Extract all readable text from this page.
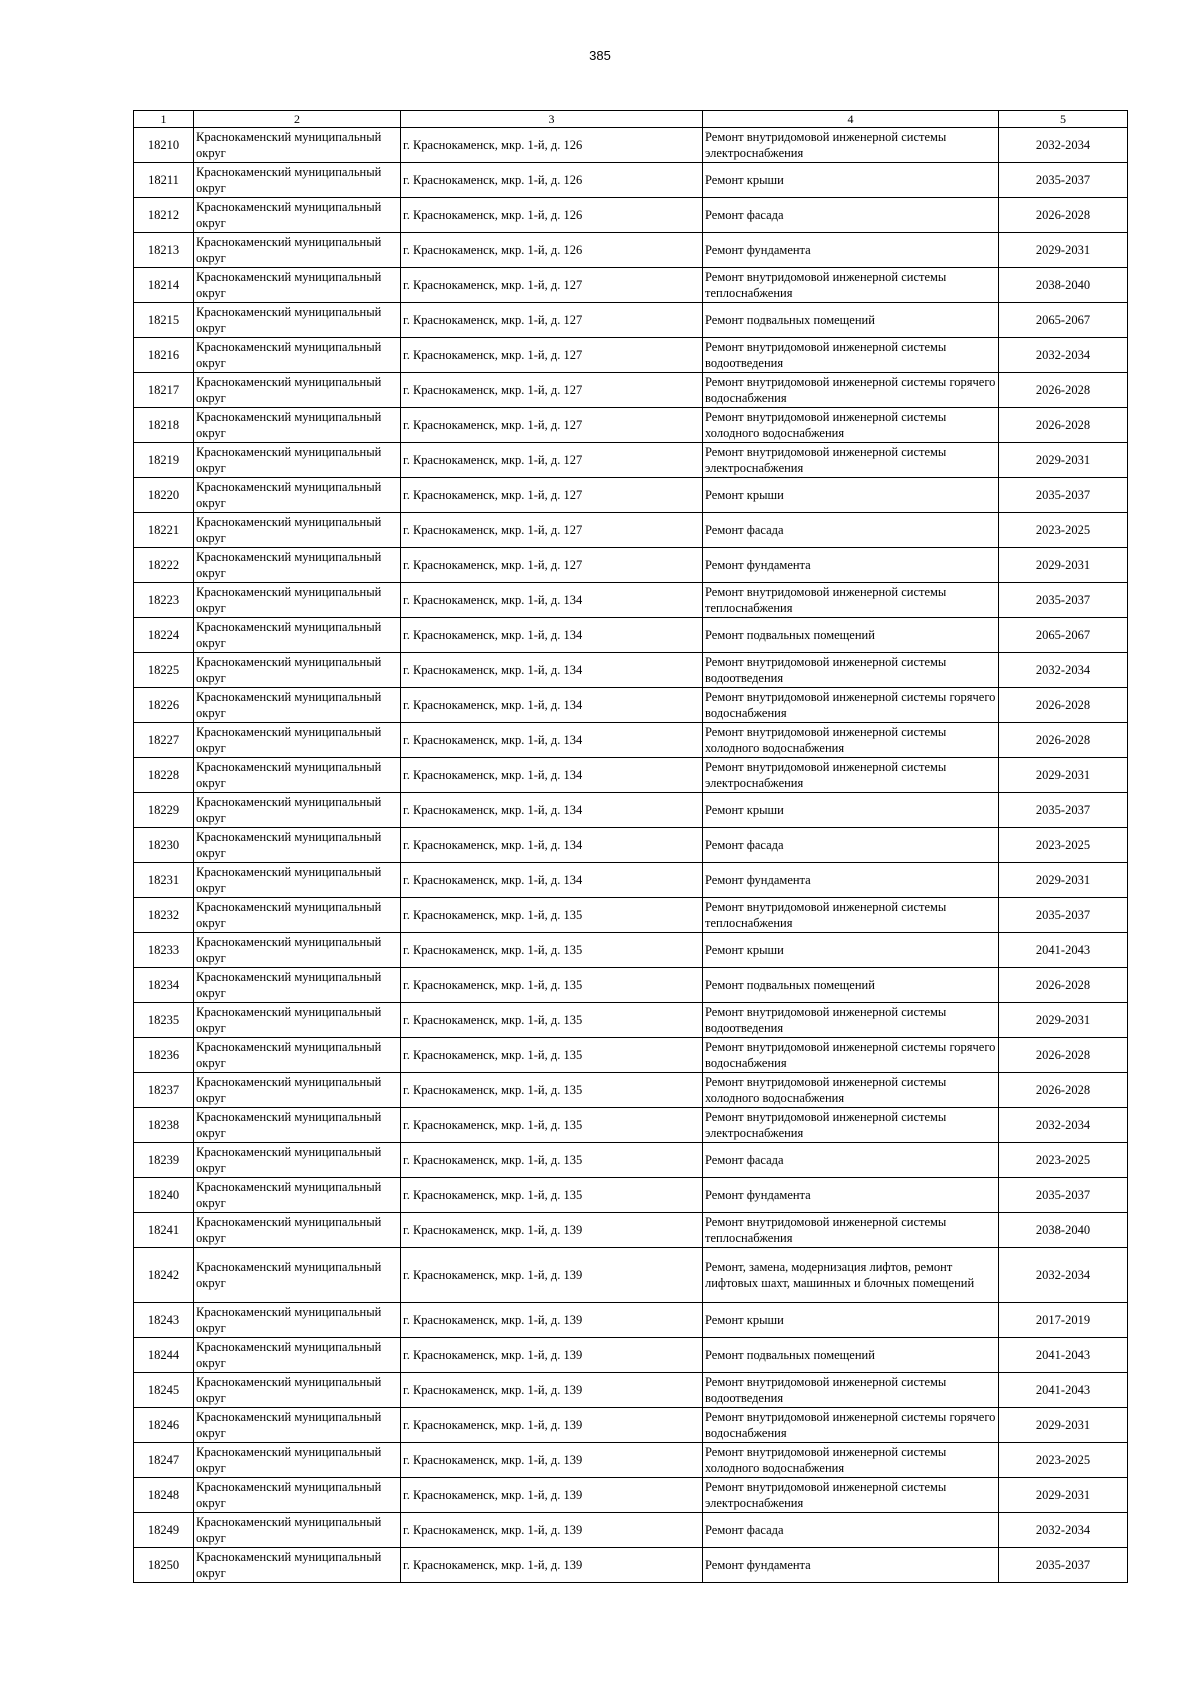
385
1	2	3	4	5
18210	Краснокаменский муниципальный округ	г. Краснокаменск, мкр. 1-й, д. 126	Ремонт внутридомовой инженерной системы электроснабжения	2032-2034
18211	Краснокаменский муниципальный округ	г. Краснокаменск, мкр. 1-й, д. 126	Ремонт крыши	2035-2037
18212	Краснокаменский муниципальный округ	г. Краснокаменск, мкр. 1-й, д. 126	Ремонт фасада	2026-2028
18213	Краснокаменский муниципальный округ	г. Краснокаменск, мкр. 1-й, д. 126	Ремонт фундамента	2029-2031
18214	Краснокаменский муниципальный округ	г. Краснокаменск, мкр. 1-й, д. 127	Ремонт внутридомовой инженерной системы теплоснабжения	2038-2040
18215	Краснокаменский муниципальный округ	г. Краснокаменск, мкр. 1-й, д. 127	Ремонт подвальных помещений	2065-2067
18216	Краснокаменский муниципальный округ	г. Краснокаменск, мкр. 1-й, д. 127	Ремонт внутридомовой инженерной системы водоотведения	2032-2034
18217	Краснокаменский муниципальный округ	г. Краснокаменск, мкр. 1-й, д. 127	Ремонт внутридомовой инженерной системы горячего водоснабжения	2026-2028
18218	Краснокаменский муниципальный округ	г. Краснокаменск, мкр. 1-й, д. 127	Ремонт внутридомовой инженерной системы холодного водоснабжения	2026-2028
18219	Краснокаменский муниципальный округ	г. Краснокаменск, мкр. 1-й, д. 127	Ремонт внутридомовой инженерной системы электроснабжения	2029-2031
18220	Краснокаменский муниципальный округ	г. Краснокаменск, мкр. 1-й, д. 127	Ремонт крыши	2035-2037
18221	Краснокаменский муниципальный округ	г. Краснокаменск, мкр. 1-й, д. 127	Ремонт фасада	2023-2025
18222	Краснокаменский муниципальный округ	г. Краснокаменск, мкр. 1-й, д. 127	Ремонт фундамента	2029-2031
18223	Краснокаменский муниципальный округ	г. Краснокаменск, мкр. 1-й, д. 134	Ремонт внутридомовой инженерной системы теплоснабжения	2035-2037
18224	Краснокаменский муниципальный округ	г. Краснокаменск, мкр. 1-й, д. 134	Ремонт подвальных помещений	2065-2067
18225	Краснокаменский муниципальный округ	г. Краснокаменск, мкр. 1-й, д. 134	Ремонт внутридомовой инженерной системы водоотведения	2032-2034
18226	Краснокаменский муниципальный округ	г. Краснокаменск, мкр. 1-й, д. 134	Ремонт внутридомовой инженерной системы горячего водоснабжения	2026-2028
18227	Краснокаменский муниципальный округ	г. Краснокаменск, мкр. 1-й, д. 134	Ремонт внутридомовой инженерной системы холодного водоснабжения	2026-2028
18228	Краснокаменский муниципальный округ	г. Краснокаменск, мкр. 1-й, д. 134	Ремонт внутридомовой инженерной системы электроснабжения	2029-2031
18229	Краснокаменский муниципальный округ	г. Краснокаменск, мкр. 1-й, д. 134	Ремонт крыши	2035-2037
18230	Краснокаменский муниципальный округ	г. Краснокаменск, мкр. 1-й, д. 134	Ремонт фасада	2023-2025
18231	Краснокаменский муниципальный округ	г. Краснокаменск, мкр. 1-й, д. 134	Ремонт фундамента	2029-2031
18232	Краснокаменский муниципальный округ	г. Краснокаменск, мкр. 1-й, д. 135	Ремонт внутридомовой инженерной системы теплоснабжения	2035-2037
18233	Краснокаменский муниципальный округ	г. Краснокаменск, мкр. 1-й, д. 135	Ремонт крыши	2041-2043
18234	Краснокаменский муниципальный округ	г. Краснокаменск, мкр. 1-й, д. 135	Ремонт подвальных помещений	2026-2028
18235	Краснокаменский муниципальный округ	г. Краснокаменск, мкр. 1-й, д. 135	Ремонт внутридомовой инженерной системы водоотведения	2029-2031
18236	Краснокаменский муниципальный округ	г. Краснокаменск, мкр. 1-й, д. 135	Ремонт внутридомовой инженерной системы горячего водоснабжения	2026-2028
18237	Краснокаменский муниципальный округ	г. Краснокаменск, мкр. 1-й, д. 135	Ремонт внутридомовой инженерной системы холодного водоснабжения	2026-2028
18238	Краснокаменский муниципальный округ	г. Краснокаменск, мкр. 1-й, д. 135	Ремонт внутридомовой инженерной системы электроснабжения	2032-2034
18239	Краснокаменский муниципальный округ	г. Краснокаменск, мкр. 1-й, д. 135	Ремонт фасада	2023-2025
18240	Краснокаменский муниципальный округ	г. Краснокаменск, мкр. 1-й, д. 135	Ремонт фундамента	2035-2037
18241	Краснокаменский муниципальный округ	г. Краснокаменск, мкр. 1-й, д. 139	Ремонт внутридомовой инженерной системы теплоснабжения	2038-2040
18242	Краснокаменский муниципальный округ	г. Краснокаменск, мкр. 1-й, д. 139	Ремонт, замена, модернизация лифтов, ремонт лифтовых шахт, машинных и блочных помещений	2032-2034
18243	Краснокаменский муниципальный округ	г. Краснокаменск, мкр. 1-й, д. 139	Ремонт крыши	2017-2019
18244	Краснокаменский муниципальный округ	г. Краснокаменск, мкр. 1-й, д. 139	Ремонт подвальных помещений	2041-2043
18245	Краснокаменский муниципальный округ	г. Краснокаменск, мкр. 1-й, д. 139	Ремонт внутридомовой инженерной системы водоотведения	2041-2043
18246	Краснокаменский муниципальный округ	г. Краснокаменск, мкр. 1-й, д. 139	Ремонт внутридомовой инженерной системы горячего водоснабжения	2029-2031
18247	Краснокаменский муниципальный округ	г. Краснокаменск, мкр. 1-й, д. 139	Ремонт внутридомовой инженерной системы холодного водоснабжения	2023-2025
18248	Краснокаменский муниципальный округ	г. Краснокаменск, мкр. 1-й, д. 139	Ремонт внутридомовой инженерной системы электроснабжения	2029-2031
18249	Краснокаменский муниципальный округ	г. Краснокаменск, мкр. 1-й, д. 139	Ремонт фасада	2032-2034
18250	Краснокаменский муниципальный округ	г. Краснокаменск, мкр. 1-й, д. 139	Ремонт фундамента	2035-2037
